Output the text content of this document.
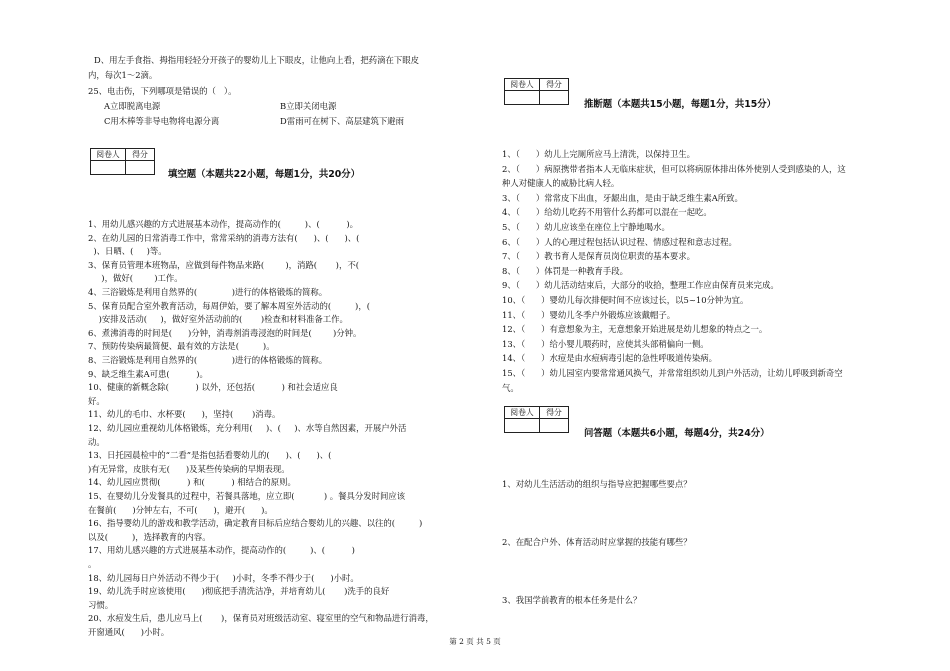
D、用左手食指、拇指用轻轻分开孩子的婴幼儿上下眼皮，让他向上看，把药滴在下眼皮
内，每次1～2滴。
25、电击伤，下列哪项是错误的（   ）。
A立即脱离电源	B立即关闭电源
C用木棒等非导电物将电源分离	D雷雨可在树下、高层建筑下避雨
阅卷人	得分

填空题（本题共22小题，每题1分，共20分）
1、用幼儿感兴趣的方式进展基本动作，提高动作的(         )、(          )。
2、在幼儿园的日常消毒工作中，常常采纳的消毒方法有(      )、(      )、(
)、日晒、(     )等。
3、保育员管理本班物品，应做到每件物品来路(        )，消路(       )，不(
)，做好(        )工作。
4、三浴锻炼是利用自然界的(             )进行的体格锻炼的简称。
5、保育员配合室外教育活动，每周伊始，要了解本周室外活动的(         )，(
)安排及活动(     )，做好室外活动前的(       )检查和材料准备工作。
6、煮沸消毒的时间是(      )分钟，消毒剂消毒浸泡的时间是(        )分钟。
7、预防传染病最简便、最有效的方法是(         )。
8、三浴锻炼是利用自然界的(             )进行的体格锻炼的简称。
9、缺乏维生素A可患(          )。
10、健康的新概念除(          ) 以外，还包括(          ) 和社会适应良
好。
11、幼儿的毛巾、水杯要(      )，坚持(       )消毒。
12、幼儿园应重视幼儿体格锻炼，充分利用(     )、(     )、水等自然因素，开展户外活
动。
13、日托园晨检中的“二看”是指包括看婴幼儿的(      )、(      )、(
)有无异常，皮肤有无(      )及某些传染病的早期表现。
14、幼儿园应贯彻(          ) 和(          ) 相结合的原则。
15、在婴幼儿分发餐具的过程中，若餐具落地，应立即(           ) 。餐具分发时间应该
在餐前(      )分钟左右，不可(      )，避开(      )。
16、指导婴幼儿的游戏和教学活动，确定教育目标后应结合婴幼儿的兴趣、以往的(         )
以及(         )，选择教育的内容。
17、用幼儿感兴趣的方式进展基本动作，提高动作的(         )、(          )
。
18、幼儿园每日户外活动不得少于(     )小时，冬季不得少于(      )小时。
19、幼儿洗手时应该使用(      )彻底把手清洗洁净，并培育幼儿(       )洗手的良好
习惯。
20、水痘发生后，患儿应马上(       )，保育员对班级活动室、寝室里的空气和物品进行消毒，
开窗通风(      )小时。
阅卷人	得分

推断题（本题共15小题，每题1分，共15分）
1、（      ）幼儿上完厕所应马上清洗，以保持卫生。
2、（      ）病原携带者指本人无临床症状，但可以将病原体排出体外使别人受到感染的人，这
种人对健康人的威胁比病人轻。
3、（      ）常常皮下出血，牙龈出血，是由于缺乏维生素A所致。
4、（      ）给幼儿吃药不用管什么药都可以混在一起吃。
5、（      ）幼儿应该坐在座位上宁静地喝水。
6、（      ）人的心理过程包括认识过程、情感过程和意志过程。
7、（      ）教书育人是保育员岗位职责的基本要求。
8、（      ）体罚是一种教育手段。
9、（      ）幼儿活动结束后，大部分的收拾，整理工作应由保育员来完成。
10、（      ）婴幼儿每次排便时间不应该过长，以5~10分钟为宜。
11、（      ）婴幼儿冬季户外锻炼应该戴帽子。
12、（      ）有意想象为主，无意想象开始进展是幼儿想象的特点之一。
13、（      ）给小婴儿喂药时，应使其头部稍偏向一侧。
14、（      ）水痘是由水痘病毒引起的急性呼吸道传染病。
15、（      ）幼儿园室内要常常通风换气，并常常组织幼儿到户外活动，让幼儿呼吸到新奇空
气。
阅卷人	得分

问答题（本题共6小题，每题4分，共24分）
1、对幼儿生活活动的组织与指导应把握哪些要点？
2、在配合户外、体育活动时应掌握的技能有哪些？
3、我国学前教育的根本任务是什么？
第 2 页 共 5 页
